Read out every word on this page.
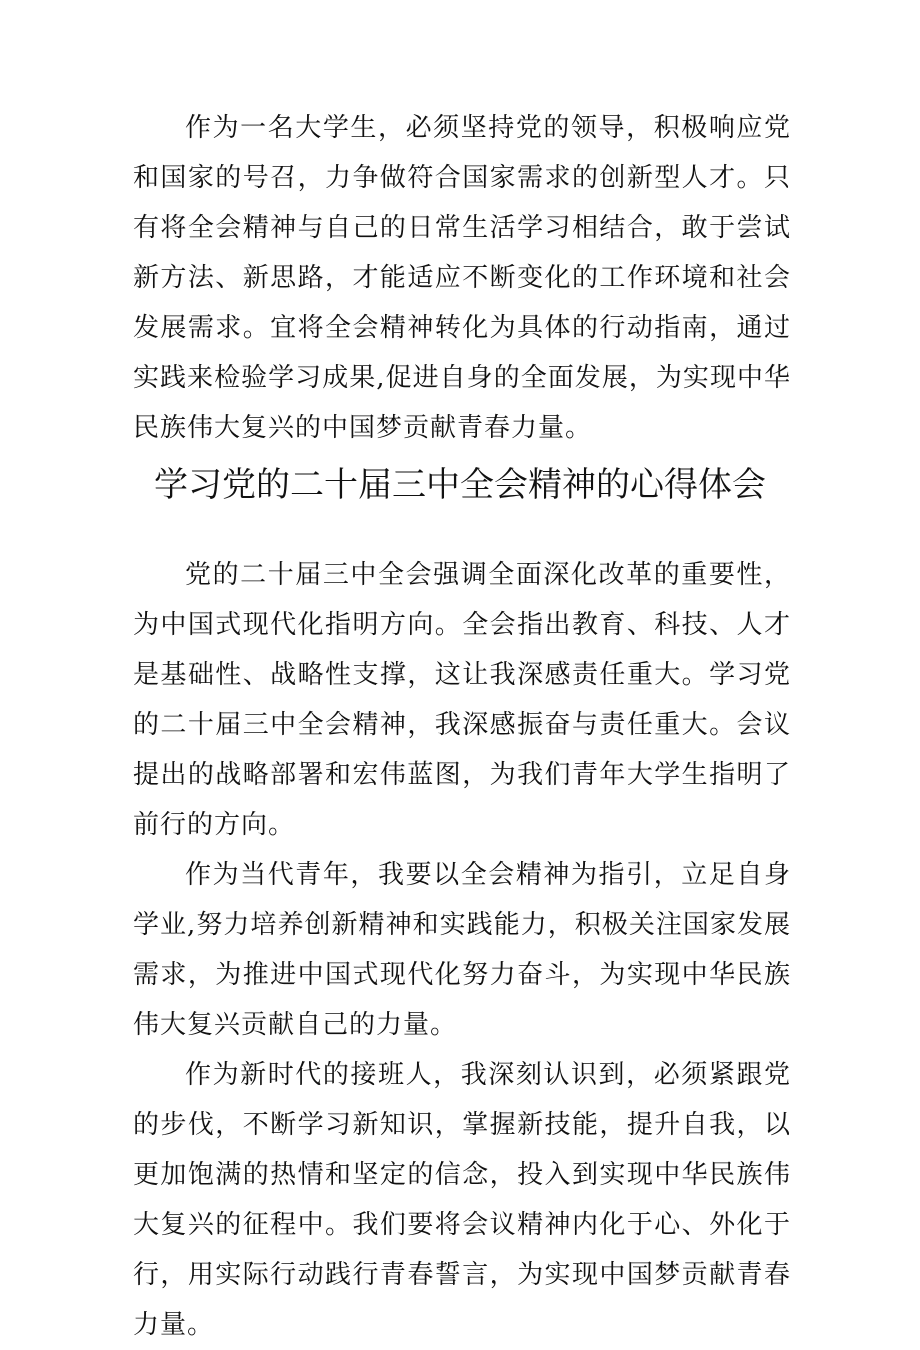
作为一名大学生，必须坚持党的领导，积极响应党和国家的号召，力争做符合国家需求的创新型人才。只有将全会精神与自己的日常生活学习相结合，敢于尝试新方法、新思路，才能适应不断变化的工作环境和社会发展需求。宜将全会精神转化为具体的行动指南，通过实践来检验学习成果,促进自身的全面发展，为实现中华民族伟大复兴的中国梦贡献青春力量。

学习党的二十届三中全会精神的心得体会

党的二十届三中全会强调全面深化改革的重要性，为中国式现代化指明方向。全会指出教育、科技、人才是基础性、战略性支撑，这让我深感责任重大。学习党的二十届三中全会精神，我深感振奋与责任重大。会议提出的战略部署和宏伟蓝图，为我们青年大学生指明了前行的方向。

作为当代青年，我要以全会精神为指引，立足自身学业,努力培养创新精神和实践能力，积极关注国家发展需求，为推进中国式现代化努力奋斗，为实现中华民族伟大复兴贡献自己的力量。

作为新时代的接班人，我深刻认识到，必须紧跟党的步伐，不断学习新知识，掌握新技能，提升自我，以更加饱满的热情和坚定的信念，投入到实现中华民族伟大复兴的征程中。我们要将会议精神内化于心、外化于行，用实际行动践行青春誓言，为实现中国梦贡献青春力量。
